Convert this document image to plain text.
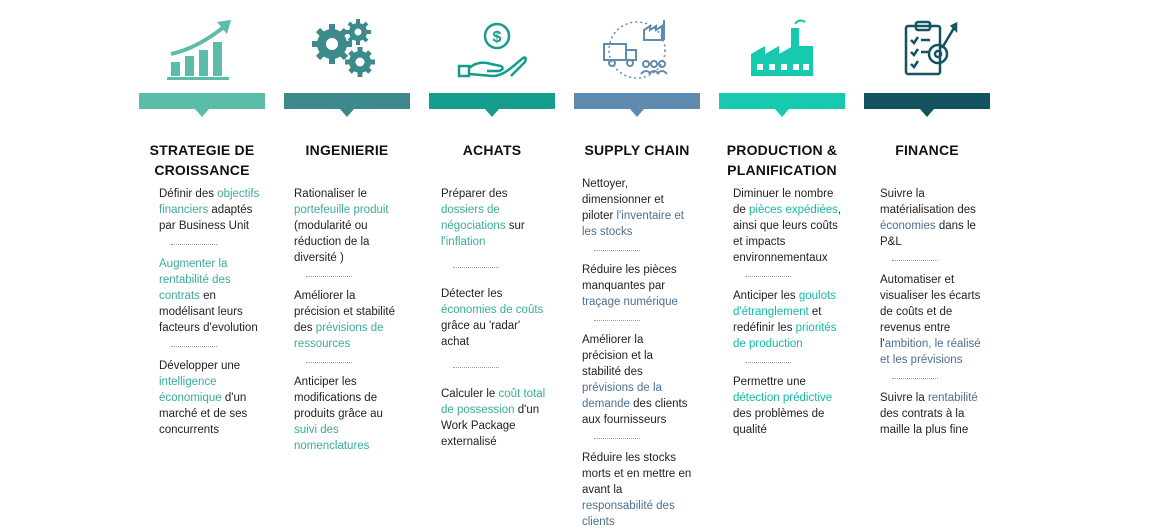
STRATEGIE DE
CROISSANCE

Définir des objectifs financiers adaptés par Business Unit

Augmenter la rentabilité des contrats en modélisant leurs facteurs d'evolution

Développer une intelligence économique d'un marché et de ses concurrents

INGENIERIE

Rationaliser le portefeuille produit (modularité ou réduction de la diversité )

Améliorer la précision et stabilité des prévisions de ressources

Anticiper les modifications de produits grâce au suivi des nomenclatures

$
ACHATS

Préparer des dossiers de négociations sur l'inflation

Détecter les économies de coûts grâce au 'radar' achat

Calculer le coût total de possession d'un Work Package externalisé

SUPPLY CHAIN

Nettoyer, dimensionner et piloter l'inventaire et les stocks

Réduire les pièces manquantes par traçage numérique

Améliorer la précision et la stabilité des prévisions de la demande des clients aux fournisseurs

Réduire les stocks morts et en mettre en avant la responsabilité des clients

PRODUCTION &
PLANIFICATION

Diminuer le nombre de pièces expédiées, ainsi que leurs coûts et impacts environnementaux

Anticiper les goulots d'étranglement et redéfinir les priorités de production

Permettre une détection prédictive des problèmes de qualité

FINANCE

Suivre la matérialisation des économies dans le P&L

Automatiser et visualiser les écarts de coûts et de revenus entre l'ambition, le réalisé et les prévisions

Suivre la rentabilité des contrats à la maille la plus fine
